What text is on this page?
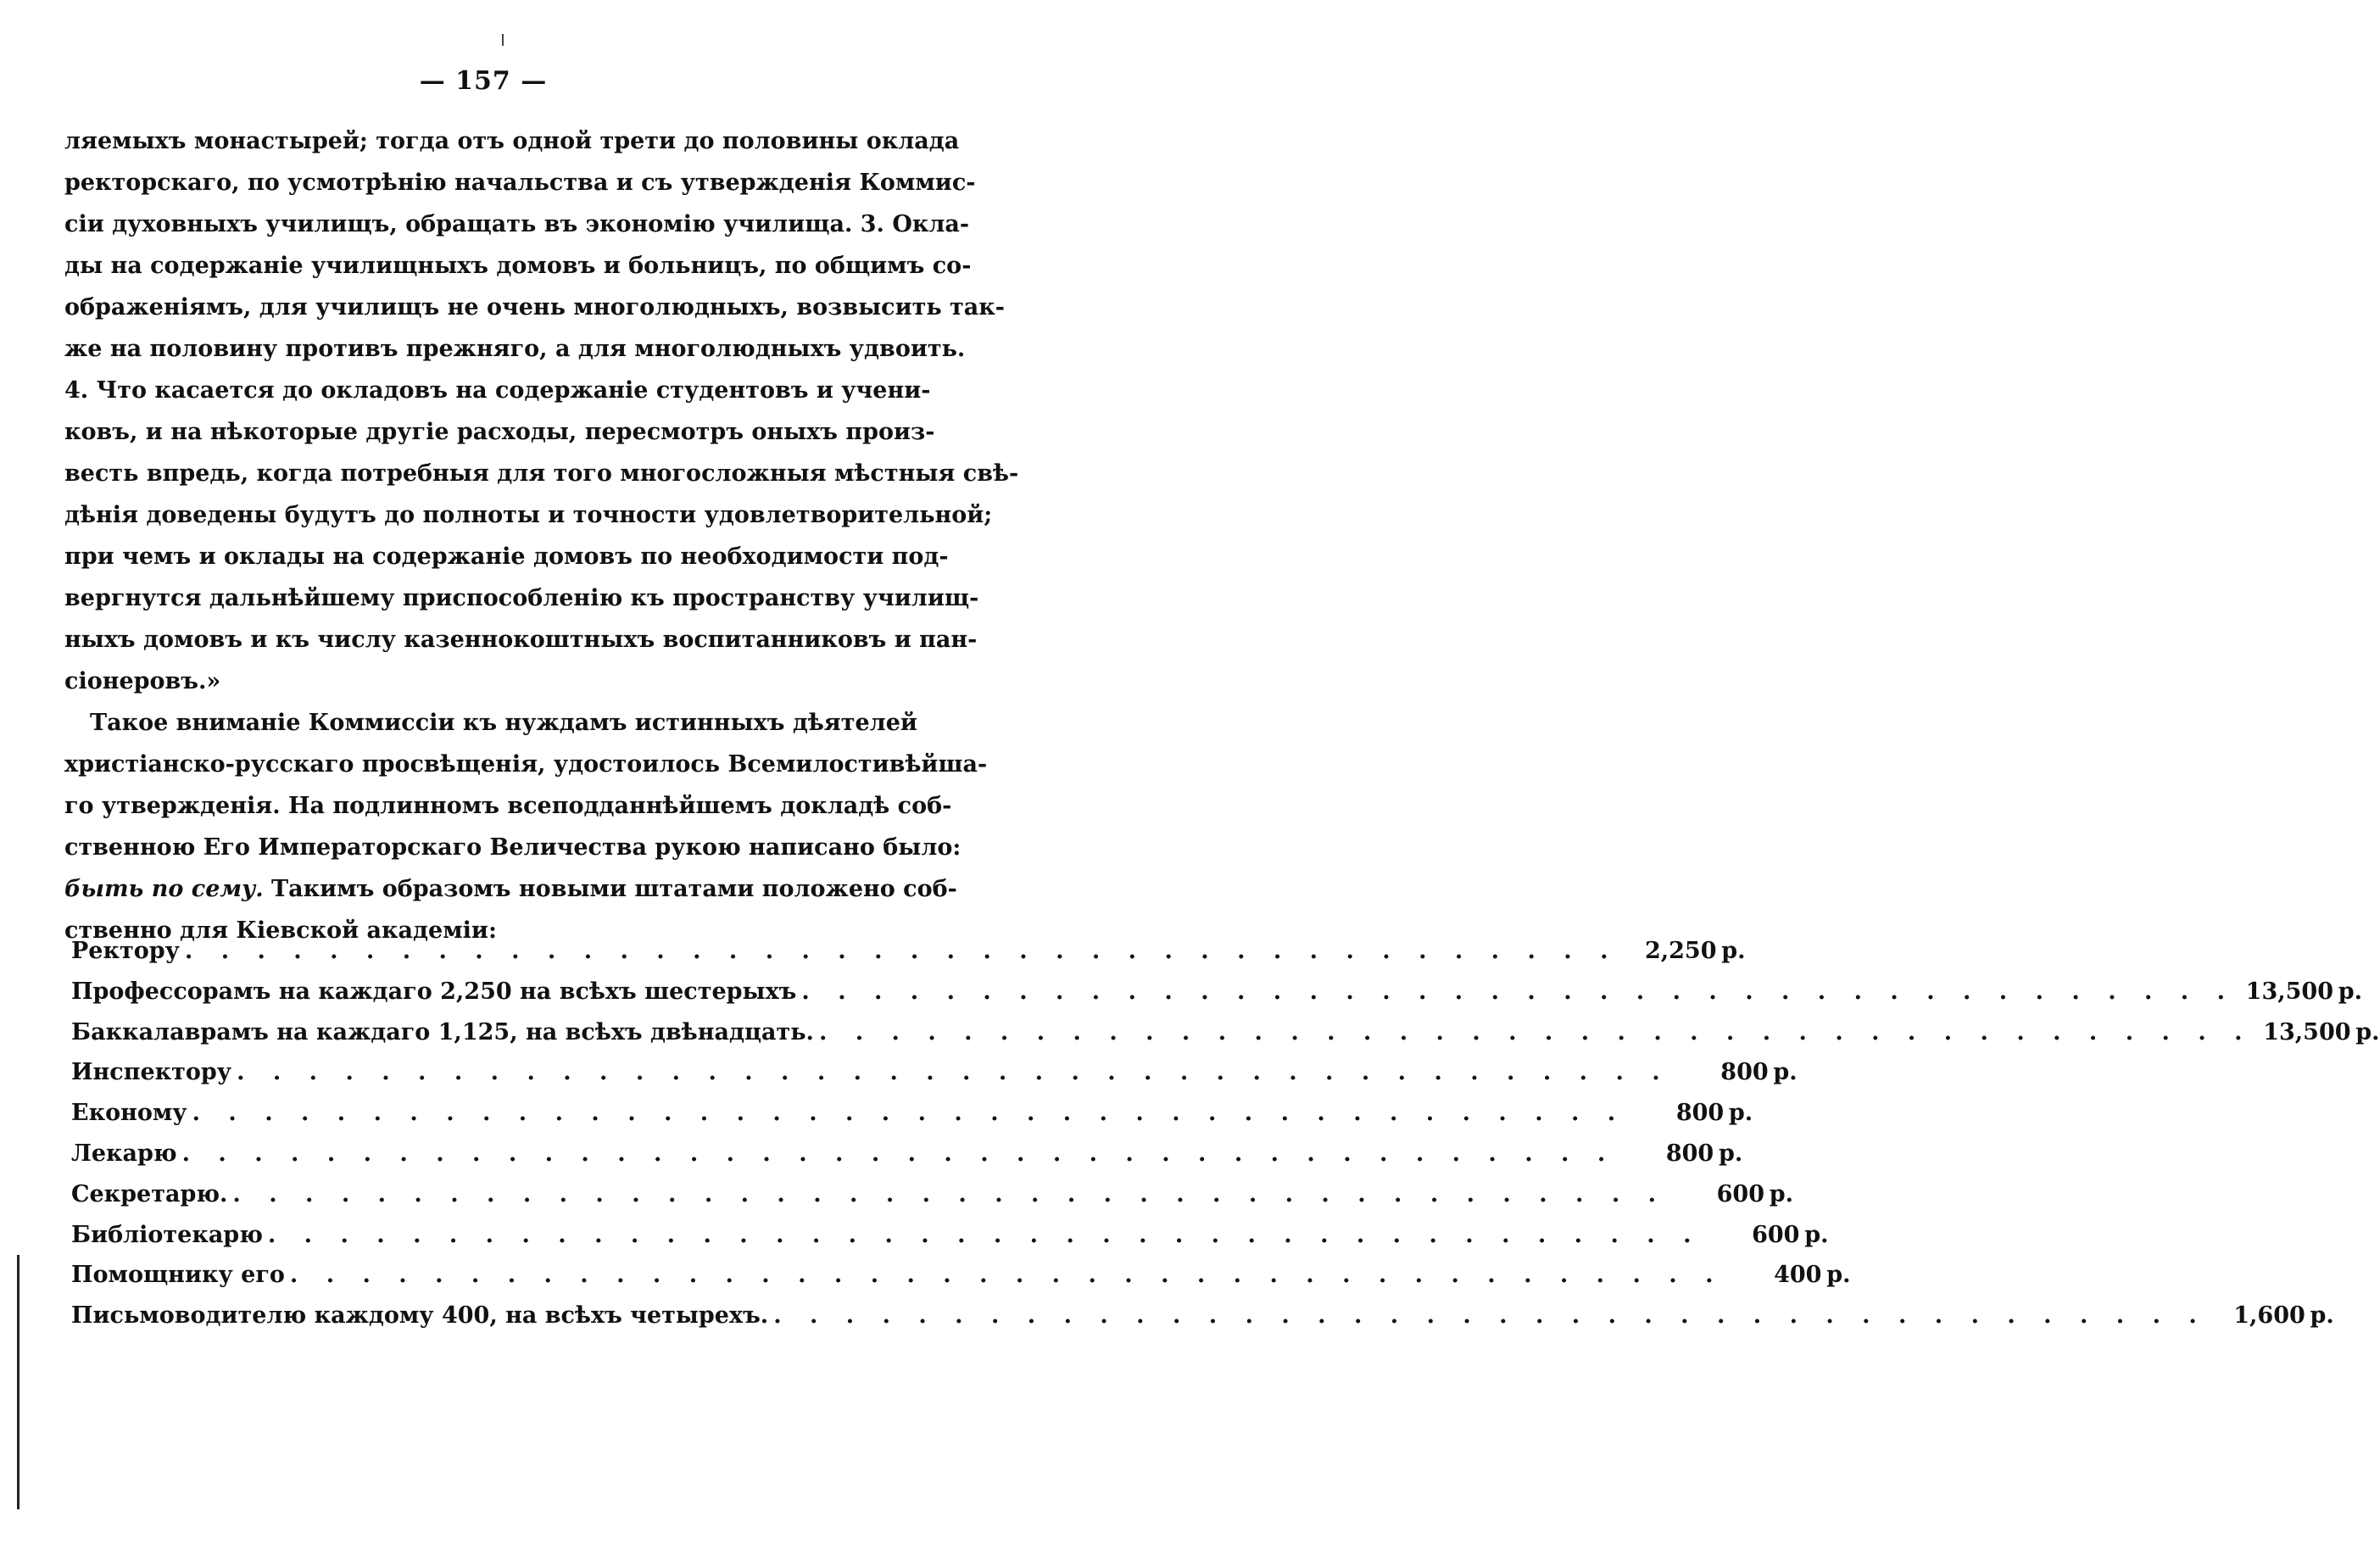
— 157 —
ляемыхъ монастырей; тогда отъ одной трети до половины оклада
ректорскаго, по усмотрѣнію начальства и съ утвержденія Коммис-
сіи духовныхъ училищъ, обращать въ экономію училища. 3. Окла-
ды на содержаніе училищныхъ домовъ и больницъ, по общимъ со-
ображеніямъ, для училищъ не очень многолюдныхъ, возвысить так-
же на половину противъ прежняго, а для многолюдныхъ удвоить.
4. Что касается до окладовъ на содержаніе студентовъ и учени-
ковъ, и на нѣкоторые другіе расходы, пересмотръ оныхъ произ-
весть впредь, когда потребныя для того многосложныя мѣстныя свѣ-
дѣнія доведены будутъ до полноты и точности удовлетворительной;
при чемъ и оклады на содержаніе домовъ по необходимости под-
вергнутся дальнѣйшему приспособленію къ пространству училищ-
ныхъ домовъ и къ числу казеннокоштныхъ воспитанниковъ и пан-
сіонеровъ.»
Такое вниманіе Коммиссіи къ нуждамъ истинныхъ дѣятелей
христіанско-русскаго просвѣщенія, удостоилось Всемилостивѣйша-
го утвержденія. На подлинномъ всеподданнѣйшемъ докладѣ соб-
ственною Его Императорскаго Величества рукою написано было:
быть по сему. Такимъ образомъ новыми штатами положено соб-
ственно для Кіевской академіи:
Ректору . . .	2,250 р.
Профессорамъ на каждаго 2,250 на всѣхъ шестерыхъ . . .	13,500 р.
Баккалаврамъ на каждаго 1,125, на всѣхъ двѣнадцать. . . .	13,500 р.
Инспектору . . .	800 р.
Економу . . .	800 р.
Лекарю . . .	800 р.
Секретарю. . . .	600 р.
Библіотекарю . . .	600 р.
Помощнику его . . .	400 р.
Письмоводителю каждому 400, на всѣхъ четырехъ. . . .	1,600 р.
